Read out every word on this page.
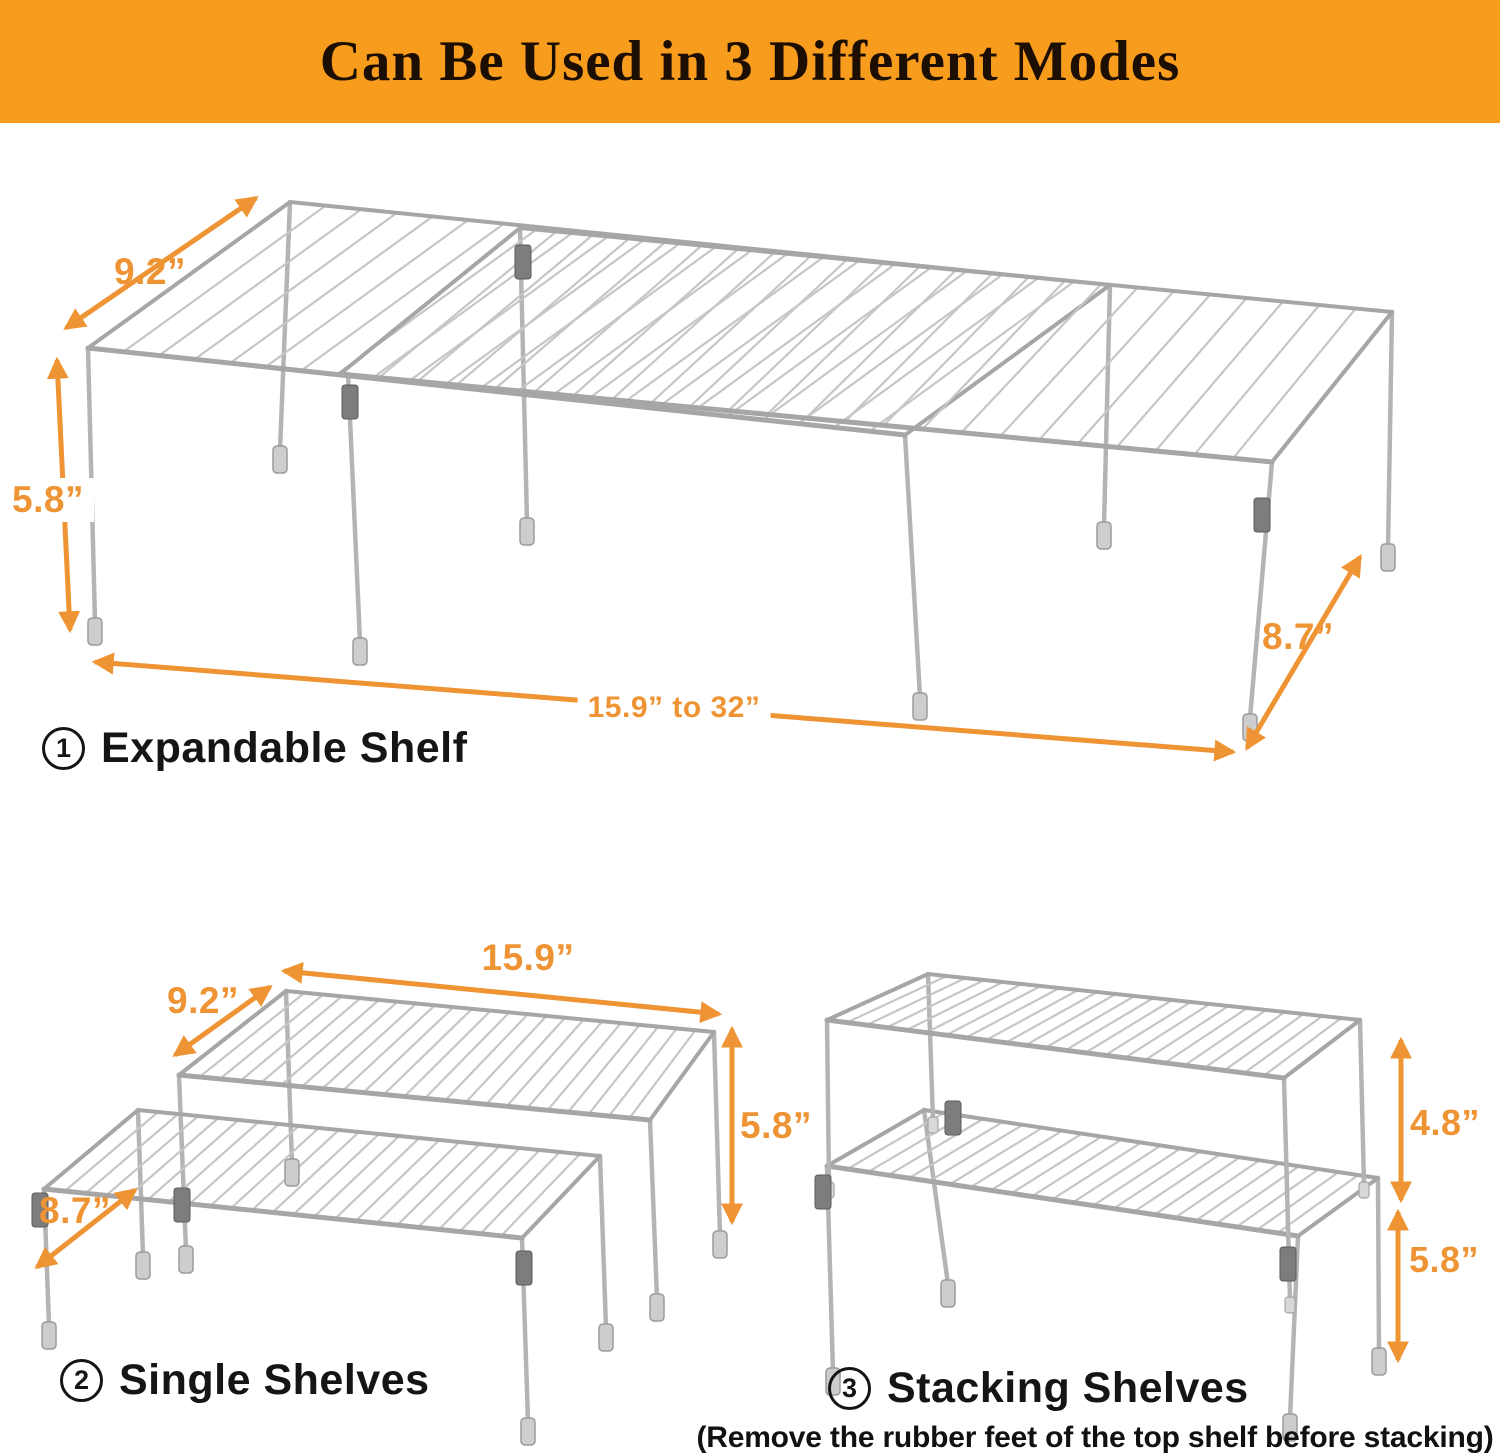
Can Be Used in 3 Different Modes
9.2”
5.8”
15.9” to 32”
8.7”
15.9”
9.2”
8.7”
5.8”	4.8”
5.8”
1 Expandable Shelf
2 Single Shelves	3 Stacking Shelves
(Remove the rubber feet of the top shelf before stacking)
